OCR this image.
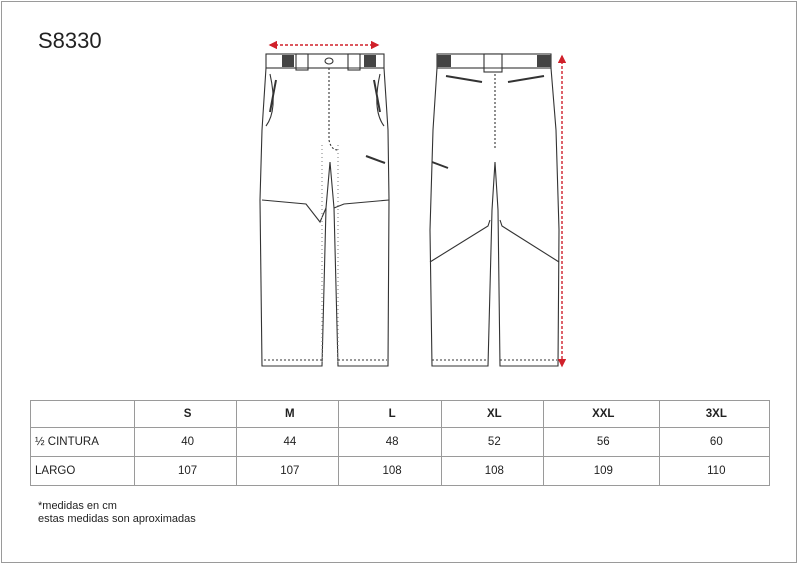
S8330
	S	M	L	XL	XXL	3XL
½ CINTURA	40	44	48	52	56	60
LARGO	107	107	108	108	109	110
*medidas en cm
estas medidas son aproximadas
